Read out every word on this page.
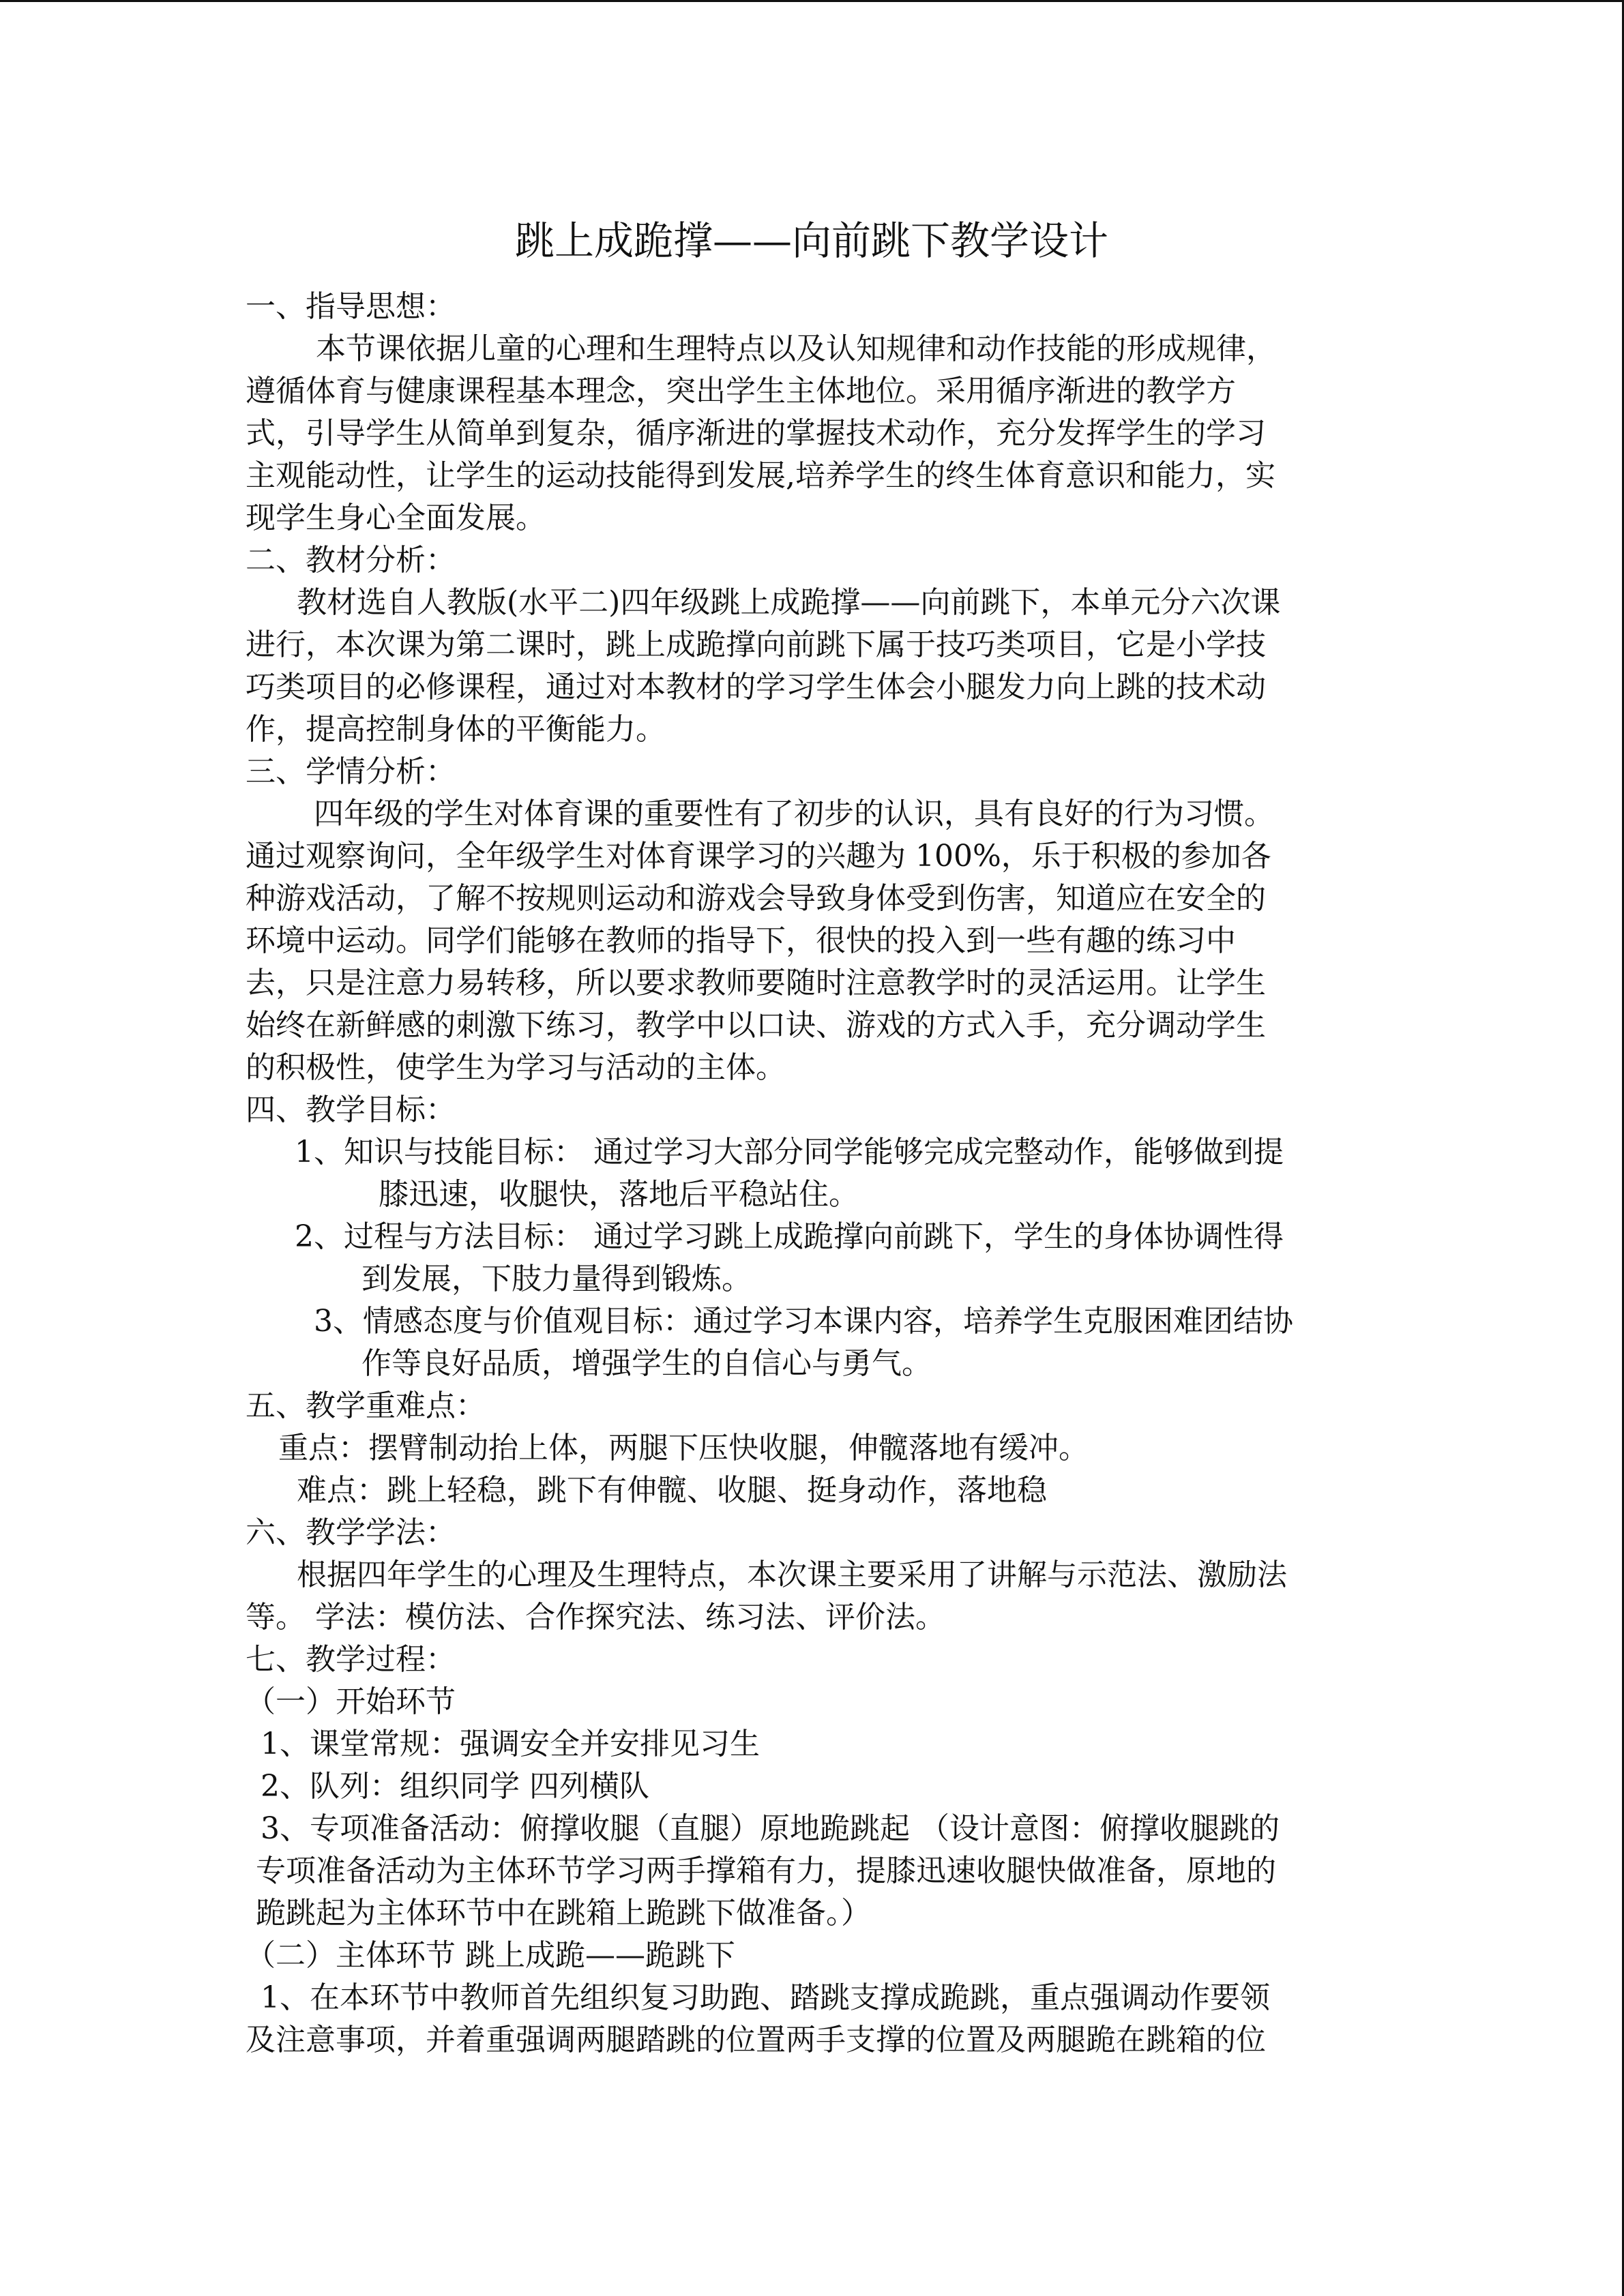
跳上成跪撑——向前跳下教学设计
一、指导思想：
本节课依据儿童的心理和生理特点以及认知规律和动作技能的形成规律，
遵循体育与健康课程基本理念，突出学生主体地位。采用循序渐进的教学方
式，引导学生从简单到复杂，循序渐进的掌握技术动作，充分发挥学生的学习
主观能动性，让学生的运动技能得到发展,培养学生的终生体育意识和能力，实
现学生身心全面发展。
二、教材分析：
教材选自人教版(水平二)四年级跳上成跪撑——向前跳下，本单元分六次课
进行，本次课为第二课时，跳上成跪撑向前跳下属于技巧类项目，它是小学技
巧类项目的必修课程，通过对本教材的学习学生体会小腿发力向上跳的技术动
作，提高控制身体的平衡能力。
三、学情分析：
四年级的学生对体育课的重要性有了初步的认识，具有良好的行为习惯。
通过观察询问，全年级学生对体育课学习的兴趣为 100%，乐于积极的参加各
种游戏活动，了解不按规则运动和游戏会导致身体受到伤害，知道应在安全的
环境中运动。同学们能够在教师的指导下，很快的投入到一些有趣的练习中
去，只是注意力易转移，所以要求教师要随时注意教学时的灵活运用。让学生
始终在新鲜感的刺激下练习，教学中以口诀、游戏的方式入手，充分调动学生
的积极性，使学生为学习与活动的主体。
四、教学目标：
1、知识与技能目标： 通过学习大部分同学能够完成完整动作，能够做到提
膝迅速，收腿快，落地后平稳站住。
2、过程与方法目标： 通过学习跳上成跪撑向前跳下，学生的身体协调性得
到发展，下肢力量得到锻炼。
3、情感态度与价值观目标：通过学习本课内容，培养学生克服困难团结协
作等良好品质，增强学生的自信心与勇气。
五、教学重难点：
重点：摆臂制动抬上体，两腿下压快收腿，伸髋落地有缓冲。
难点：跳上轻稳，跳下有伸髋、收腿、挺身动作，落地稳
六、教学学法：
根据四年学生的心理及生理特点，本次课主要采用了讲解与示范法、激励法
等。 学法：模仿法、合作探究法、练习法、评价法。
七、教学过程：
（一）开始环节
1、课堂常规：强调安全并安排见习生
2、队列：组织同学 四列横队
3、专项准备活动：俯撑收腿（直腿）原地跪跳起 （设计意图：俯撑收腿跳的
专项准备活动为主体环节学习两手撑箱有力，提膝迅速收腿快做准备，原地的
跪跳起为主体环节中在跳箱上跪跳下做准备。）
（二）主体环节 跳上成跪——跪跳下
1、在本环节中教师首先组织复习助跑、踏跳支撑成跪跳，重点强调动作要领
及注意事项，并着重强调两腿踏跳的位置两手支撑的位置及两腿跪在跳箱的位
